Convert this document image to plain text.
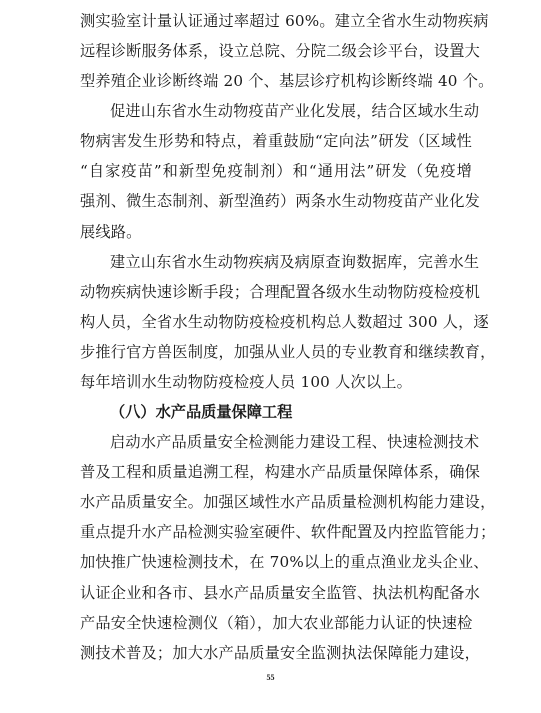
测实验室计量认证通过率超过 60%。建立全省水生动物疾病
远程诊断服务体系，设立总院、分院二级会诊平台，设置大
型养殖企业诊断终端 20 个、基层诊疗机构诊断终端 40 个。
促进山东省水生动物疫苗产业化发展，结合区域水生动
物病害发生形势和特点，着重鼓励“定向法”研发（区域性
“自家疫苗”和新型免疫制剂）和“通用法”研发（免疫增
强剂、微生态制剂、新型渔药）两条水生动物疫苗产业化发
展线路。
建立山东省水生动物疾病及病原查询数据库，完善水生
动物疾病快速诊断手段；合理配置各级水生动物防疫检疫机
构人员，全省水生动物防疫检疫机构总人数超过 300 人，逐
步推行官方兽医制度，加强从业人员的专业教育和继续教育，
每年培训水生动物防疫检疫人员 100 人次以上。
（八）水产品质量保障工程
启动水产品质量安全检测能力建设工程、快速检测技术
普及工程和质量追溯工程，构建水产品质量保障体系，确保
水产品质量安全。加强区域性水产品质量检测机构能力建设，
重点提升水产品检测实验室硬件、软件配置及内控监管能力；
加快推广快速检测技术，在 70%以上的重点渔业龙头企业、
认证企业和各市、县水产品质量安全监管、执法机构配备水
产品安全快速检测仪（箱），加大农业部能力认证的快速检
测技术普及；加大水产品质量安全监测执法保障能力建设，
55
